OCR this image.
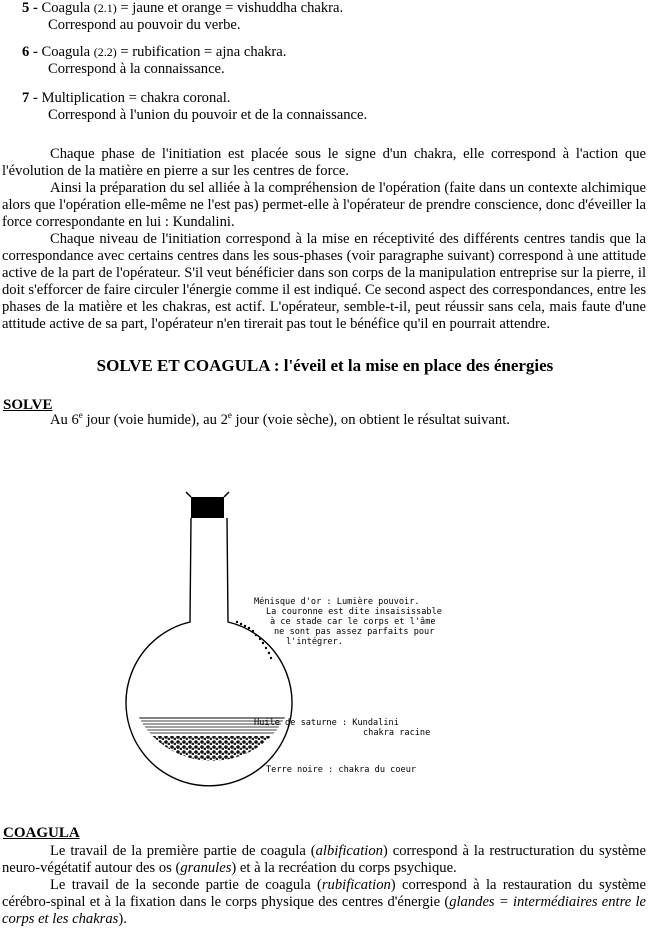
5 - Coagula (2.1) = jaune et orange = vishuddha chakra.
Correspond au pouvoir du verbe.
6 - Coagula (2.2) = rubification = ajna chakra.
Correspond à la connaissance.
7 - Multiplication = chakra coronal.
Correspond à l'union du pouvoir et de la connaissance.

Chaque phase de l'initiation est placée sous le signe d'un chakra, elle correspond à l'action que l'évolution de la matière en pierre a sur les centres de force.

Ainsi la préparation du sel alliée à la compréhension de l'opération (faite dans un contexte alchimique alors que l'opération elle-même ne l'est pas) permet-elle à l'opérateur de prendre conscience, donc d'éveiller la force correspondante en lui : Kundalini.

Chaque niveau de l'initiation correspond à la mise en réceptivité des différents centres tandis que la correspondance avec certains centres dans les sous-phases (voir paragraphe suivant) correspond à une attitude active de la part de l'opérateur. S'il veut bénéficier dans son corps de la manipulation entreprise sur la pierre, il doit s'efforcer de faire circuler l'énergie comme il est indiqué. Ce second aspect des correspondances, entre les phases de la matière et les chakras, est actif. L'opérateur, semble-t-il, peut réussir sans cela, mais faute d'une attitude active de sa part, l'opérateur n'en tirerait pas tout le bénéfice qu'il en pourrait attendre.

SOLVE ET COAGULA : l'éveil et la mise en place des énergies
SOLVE
Au 6e jour (voie humide), au 2e jour (voie sèche), on obtient le résultat suivant.
Ménisque d'or : Lumière pouvoir.
La couronne est dite insaisissable
à ce stade car le corps et l'âme
ne sont pas assez parfaits pour
l'intégrer.
Huile de saturne : Kundalini
chakra racine
Terre noire : chakra du coeur
COAGULA

Le travail de la première partie de coagula (albification) correspond à la restructuration du système neuro-végétatif autour des os (granules) et à la recréation du corps psychique.

Le travail de la seconde partie de coagula (rubification) correspond à la restauration du système cérébro-spinal et à la fixation dans le corps physique des centres d'énergie (glandes = intermédiaires entre le corps et les chakras).
